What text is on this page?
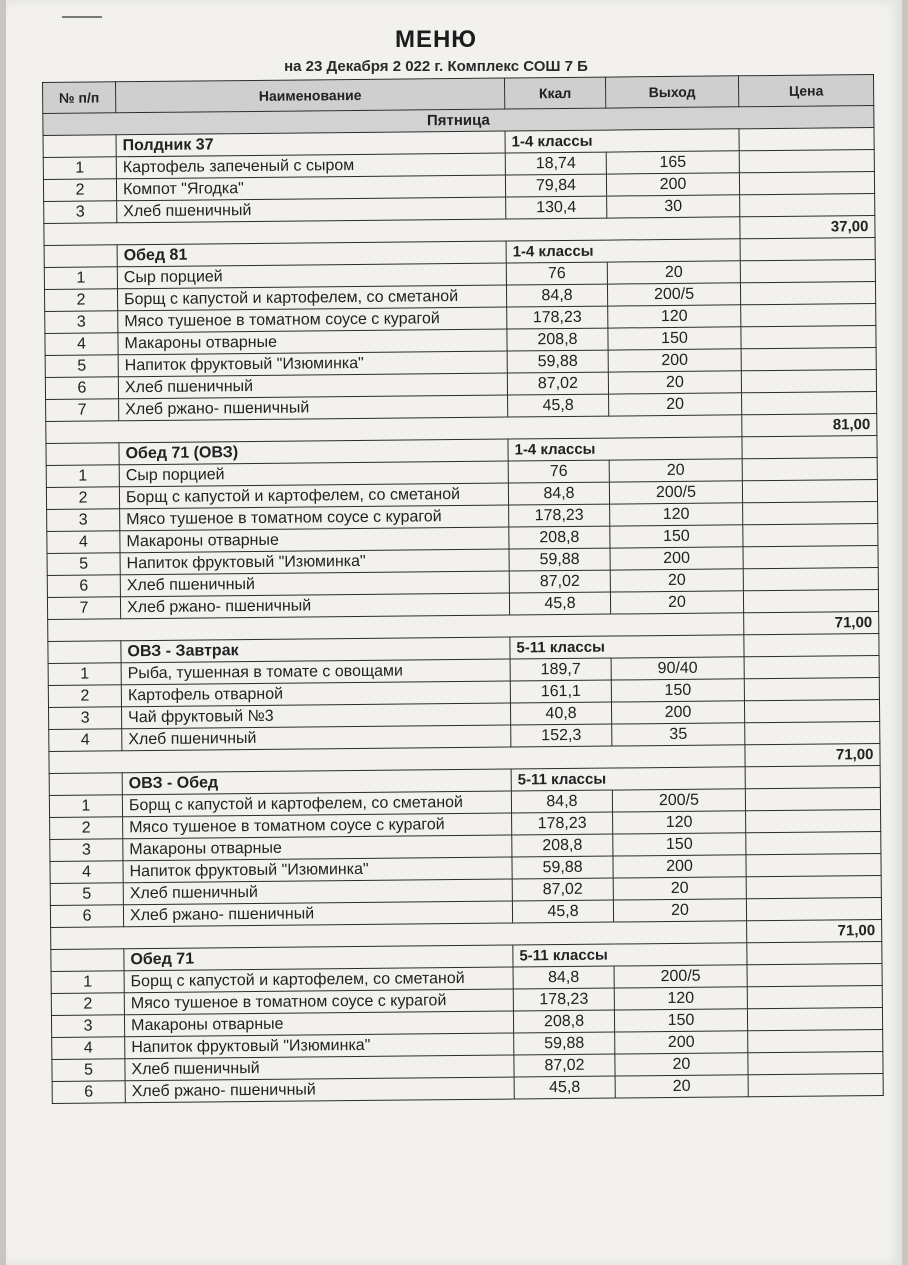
МЕНЮ
на 23 Декабря 2 022 г. Комплекс СОШ 7 Б
№ п/п	Наименование	Ккал	Выход	Цена
Пятница				
	Полдник 37	1-4 классы		
1	Картофель запеченый с сыром	18,74	165	
2	Компот "Ягодка"	79,84	200	
3	Хлеб пшеничный	130,4	30	
				37,00
	Обед 81	1-4 классы		
1	Сыр порцией	76	20	
2	Борщ с капустой и картофелем, со сметаной	84,8	200/5	
3	Мясо тушеное в томатном соусе с курагой	178,23	120	
4	Макароны отварные	208,8	150	
5	Напиток фруктовый "Изюминка"	59,88	200	
6	Хлеб пшеничный	87,02	20	
7	Хлеб ржано- пшеничный	45,8	20	
				81,00
	Обед 71 (ОВЗ)	1-4 классы		
1	Сыр порцией	76	20	
2	Борщ с капустой и картофелем, со сметаной	84,8	200/5	
3	Мясо тушеное в томатном соусе с курагой	178,23	120	
4	Макароны отварные	208,8	150	
5	Напиток фруктовый "Изюминка"	59,88	200	
6	Хлеб пшеничный	87,02	20	
7	Хлеб ржано- пшеничный	45,8	20	
				71,00
	ОВЗ - Завтрак	5-11 классы		
1	Рыба, тушенная в томате с овощами	189,7	90/40	
2	Картофель отварной	161,1	150	
3	Чай фруктовый №3	40,8	200	
4	Хлеб пшеничный	152,3	35	
				71,00
	ОВЗ - Обед	5-11 классы		
1	Борщ с капустой и картофелем, со сметаной	84,8	200/5	
2	Мясо тушеное в томатном соусе с курагой	178,23	120	
3	Макароны отварные	208,8	150	
4	Напиток фруктовый "Изюминка"	59,88	200	
5	Хлеб пшеничный	87,02	20	
6	Хлеб ржано- пшеничный	45,8	20	
				71,00
	Обед 71	5-11 классы		
1	Борщ с капустой и картофелем, со сметаной	84,8	200/5	
2	Мясо тушеное в томатном соусе с курагой	178,23	120	
3	Макароны отварные	208,8	150	
4	Напиток фруктовый "Изюминка"	59,88	200	
5	Хлеб пшеничный	87,02	20	
6	Хлеб ржано- пшеничный	45,8	20	
